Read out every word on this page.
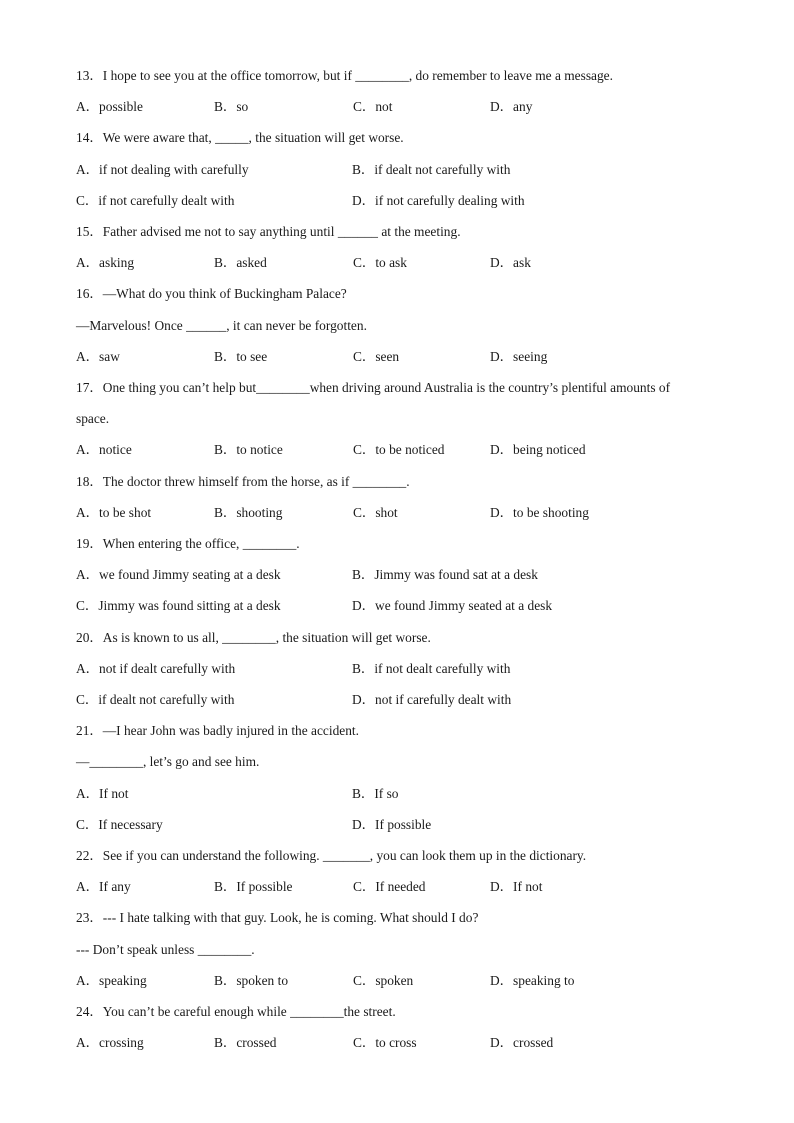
13．I hope to see you at the office tomorrow, but if ________, do remember to leave me a message.
A．possible	B．so	C．not	D．any
14．We were aware that, _____, the situation will get worse.
A．if not dealing with carefully	B．if dealt not carefully with
C．if not carefully dealt with	D．if not carefully dealing with
15．Father advised me not to say anything until ______ at the meeting.
A．asking	B．asked	C．to ask	D．ask
16．—What do you think of Buckingham Palace?
—Marvelous! Once ______, it can never be forgotten.
A．saw	B．to see	C．seen	D．seeing
17．One thing you can’t help but________when driving around Australia is the country’s plentiful amounts of
space.
A．notice	B．to notice	C．to be noticed	D．being noticed
18．The doctor threw himself from the horse, as if ________.
A．to be shot	B．shooting	C．shot	D．to be shooting
19．When entering the office, ________.
A．we found Jimmy seating at a desk	B．Jimmy was found sat at a desk
C．Jimmy was found sitting at a desk	D．we found Jimmy seated at a desk
20．As is known to us all, ________, the situation will get worse.
A．not if dealt carefully with	B．if not dealt carefully with
C．if dealt not carefully with	D．not if carefully dealt with
21．—I hear John was badly injured in the accident.
—________, let’s go and see him.
A．If not	B．If so
C．If necessary	D．If possible
22．See if you can understand the following. _______, you can look them up in the dictionary.
A．If any	B．If possible	C．If needed	D．If not
23．--- I hate talking with that guy. Look, he is coming. What should I do?
--- Don’t speak unless ________.
A．speaking	B．spoken to	C．spoken	D．speaking to
24．You can’t be careful enough while ________the street.
A．crossing	B．crossed	C．to cross	D．crossed
